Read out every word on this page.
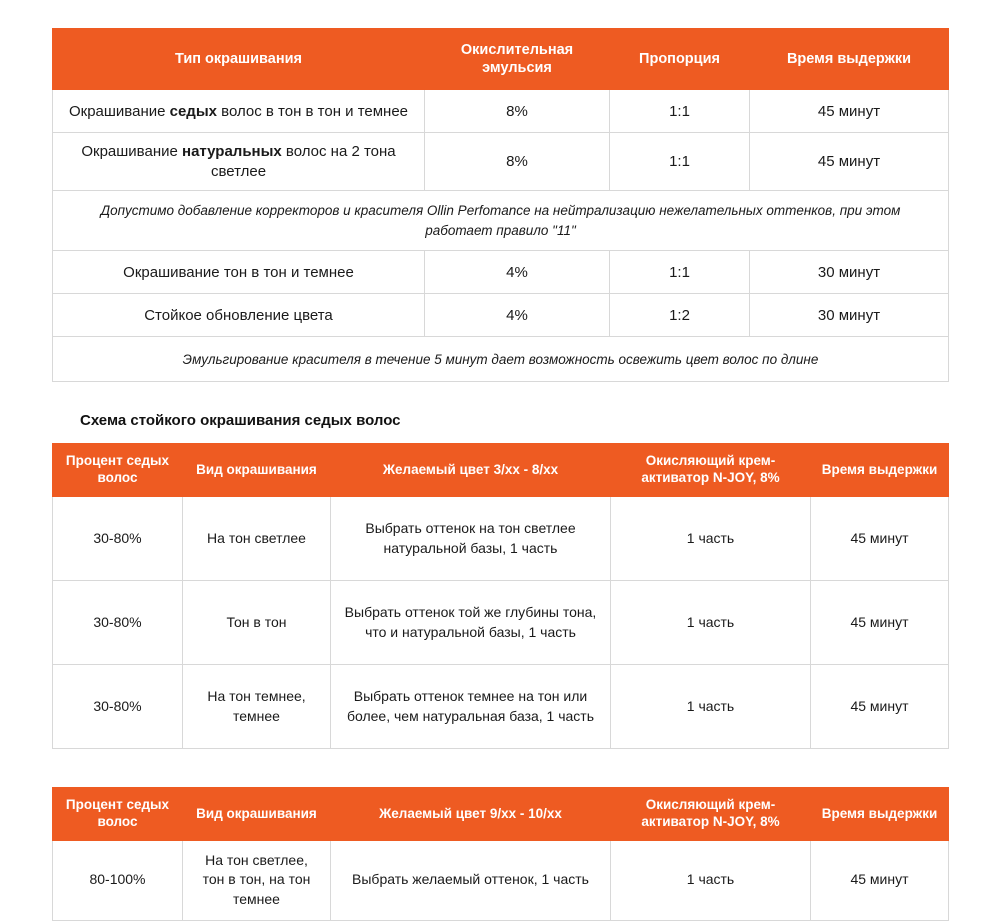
Тип окрашивания	Окислительная эмульсия	Пропорция	Время выдержки
Окрашивание седых волос в тон в тон и темнее	8%	1:1	45 минут
Окрашивание натуральных волос на 2 тона светлее	8%	1:1	45 минут
Допустимо добавление корректоров и красителя Ollin Perfomance на нейтрализацию нежелательных оттенков, при этом работает правило "11"			
Окрашивание тон в тон и темнее	4%	1:1	30 минут
Стойкое обновление цвета	4%	1:2	30 минут
Эмульгирование красителя в течение 5 минут дает возможность освежить цвет волос по длине			
Схема стойкого окрашивания седых волос
Процент седых волос	Вид окрашивания	Желаемый цвет 3/хх - 8/хх	Окисляющий крем-активатор N-JOY, 8%	Время выдержки
30-80%	На тон светлее	Выбрать оттенок на тон светлее натуральной базы, 1 часть	1 часть	45 минут
30-80%	Тон в тон	Выбрать оттенок той же глубины тона, что и натуральной базы, 1 часть	1 часть	45 минут
30-80%	На тон темнее, темнее	Выбрать оттенок темнее на тон или более, чем натуральная база, 1 часть	1 часть	45 минут
Процент седых волос	Вид окрашивания	Желаемый цвет 9/хх - 10/хх	Окисляющий крем-активатор N-JOY, 8%	Время выдержки
80-100%	На тон светлее, тон в тон, на тон темнее	Выбрать желаемый оттенок, 1 часть	1 часть	45 минут
